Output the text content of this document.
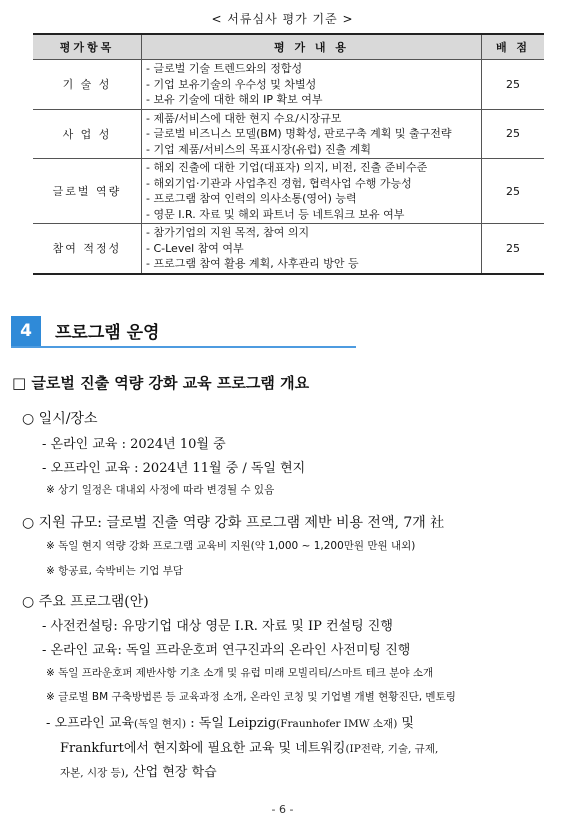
< 서류심사 평가 기준 >
평가항목	평 가 내 용	배 점
기 술 성	- 글로벌 기술 트렌드와의 정합성
- 기업 보유기술의 우수성 및 차별성
- 보유 기술에 대한 해외 IP 확보 여부	25
사 업 성	- 제품/서비스에 대한 현지 수요/시장규모
- 글로벌 비즈니스 모델(BM) 명확성, 판로구축 계획 및 출구전략
- 기업 제품/서비스의 목표시장(유럽) 진출 계획	25
글로벌 역량	- 해외 진출에 대한 기업(대표자) 의지, 비전, 진출 준비수준
- 해외기업·기관과 사업추진 경험, 협력사업 수행 가능성
- 프로그램 참여 인력의 의사소통(영어) 능력
- 영문 I.R. 자료 및 해외 파트너 등 네트워크 보유 여부	25
참여 적정성	- 참가기업의 지원 목적, 참여 의지
- C-Level 참여 여부
- 프로그램 참여 활용 계획, 사후관리 방안 등	25
4	프로그램 운영
□ 글로벌 진출 역량 강화 교육 프로그램 개요
○ 일시/장소
- 온라인 교육 : 2024년 10월 중
- 오프라인 교육 : 2024년 11월 중 / 독일 현지
※ 상기 일정은 대내외 사정에 따라 변경될 수 있음
○ 지원 규모: 글로벌 진출 역량 강화 프로그램 제반 비용 전액, 7개 社
※ 독일 현지 역량 강화 프로그램 교육비 지원(약 1,000 ~ 1,200만원 만원 내외)
※ 항공료, 숙박비는 기업 부담
○ 주요 프로그램(안)
- 사전컨설팅: 유망기업 대상 영문 I.R. 자료 및 IP 컨설팅 진행
- 온라인 교육: 독일 프라운호퍼 연구진과의 온라인 사전미팅 진행
※ 독일 프라운호퍼 제반사항 기초 소개 및 유럽 미래 모빌리티/스마트 테크 분야 소개
※ 글로벌 BM 구축방법론 등 교육과정 소개, 온라인 코칭 및 기업별 개별 현황진단, 멘토링
- 오프라인 교육(독일 현지) : 독일 Leipzig(Fraunhofer IMW 소재) 및
Frankfurt에서 현지화에 필요한 교육 및 네트워킹(IP전략, 기술, 규제,
자본, 시장 등), 산업 현장 학습
- 6 -
